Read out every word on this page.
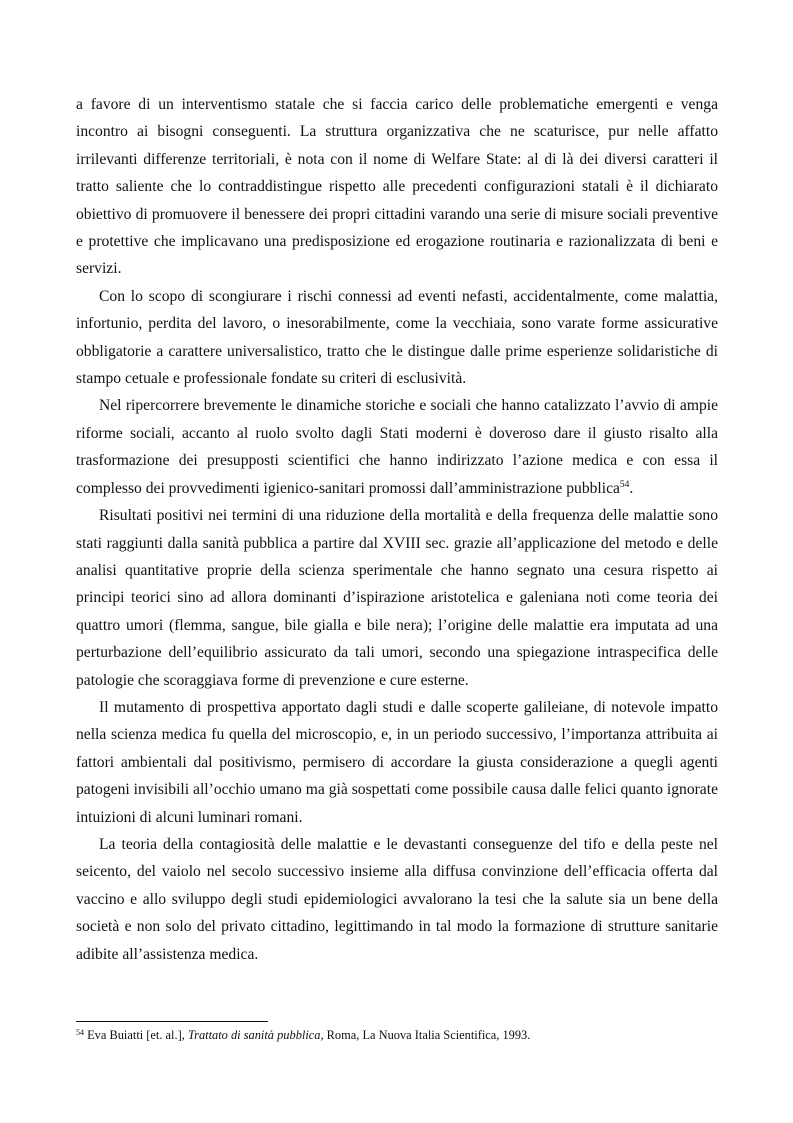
a favore di un interventismo statale che si faccia carico delle problematiche emergenti e venga incontro ai bisogni conseguenti. La struttura organizzativa che ne scaturisce, pur nelle affatto irrilevanti differenze territoriali, è nota con il nome di Welfare State: al di là dei diversi caratteri il tratto saliente che lo contraddistingue rispetto alle precedenti configurazioni statali è il dichiarato obiettivo di promuovere il benessere dei propri cittadini varando una serie di misure sociali preventive e protettive che implicavano una predisposizione ed erogazione routinaria e razionalizzata di beni e servizi.

Con lo scopo di scongiurare i rischi connessi ad eventi nefasti, accidentalmente, come malattia, infortunio, perdita del lavoro, o inesorabilmente, come la vecchiaia, sono varate forme assicurative obbligatorie a carattere universalistico, tratto che le distingue dalle prime esperienze solidaristiche di stampo cetuale e professionale fondate su criteri di esclusività.

Nel ripercorrere brevemente le dinamiche storiche e sociali che hanno catalizzato l’avvio di ampie riforme sociali, accanto al ruolo svolto dagli Stati moderni è doveroso dare il giusto risalto alla trasformazione dei presupposti scientifici che hanno indirizzato l’azione medica e con essa il complesso dei provvedimenti igienico-sanitari promossi dall’amministrazione pubblica$^{54}$.

Risultati positivi nei termini di una riduzione della mortalità e della frequenza delle malattie sono stati raggiunti dalla sanità pubblica a partire dal XVIII sec. grazie all’applicazione del metodo e delle analisi quantitative proprie della scienza sperimentale che hanno segnato una cesura rispetto ai principi teorici sino ad allora dominanti d’ispirazione aristotelica e galeniana noti come teoria dei quattro umori (flemma, sangue, bile gialla e bile nera); l’origine delle malattie era imputata ad una perturbazione dell’equilibrio assicurato da tali umori, secondo una spiegazione intraspecifica delle patologie che scoraggiava forme di prevenzione e cure esterne.

Il mutamento di prospettiva apportato dagli studi e dalle scoperte galileiane, di notevole impatto nella scienza medica fu quella del microscopio, e, in un periodo successivo, l’importanza attribuita ai fattori ambientali dal positivismo, permisero di accordare la giusta considerazione a quegli agenti patogeni invisibili all’occhio umano ma già sospettati come possibile causa dalle felici quanto ignorate intuizioni di alcuni luminari romani.

La teoria della contagiosità delle malattie e le devastanti conseguenze del tifo e della peste nel seicento, del vaiolo nel secolo successivo insieme alla diffusa convinzione dell’efficacia offerta dal vaccino e allo sviluppo degli studi epidemiologici avvalorano la tesi che la salute sia un bene della società e non solo del privato cittadino, legittimando in tal modo la formazione di strutture sanitarie adibite all’assistenza medica.

$^{54}$ Eva Buiatti [et. al.], Trattato di sanità pubblica, Roma, La Nuova Italia Scientifica, 1993.
